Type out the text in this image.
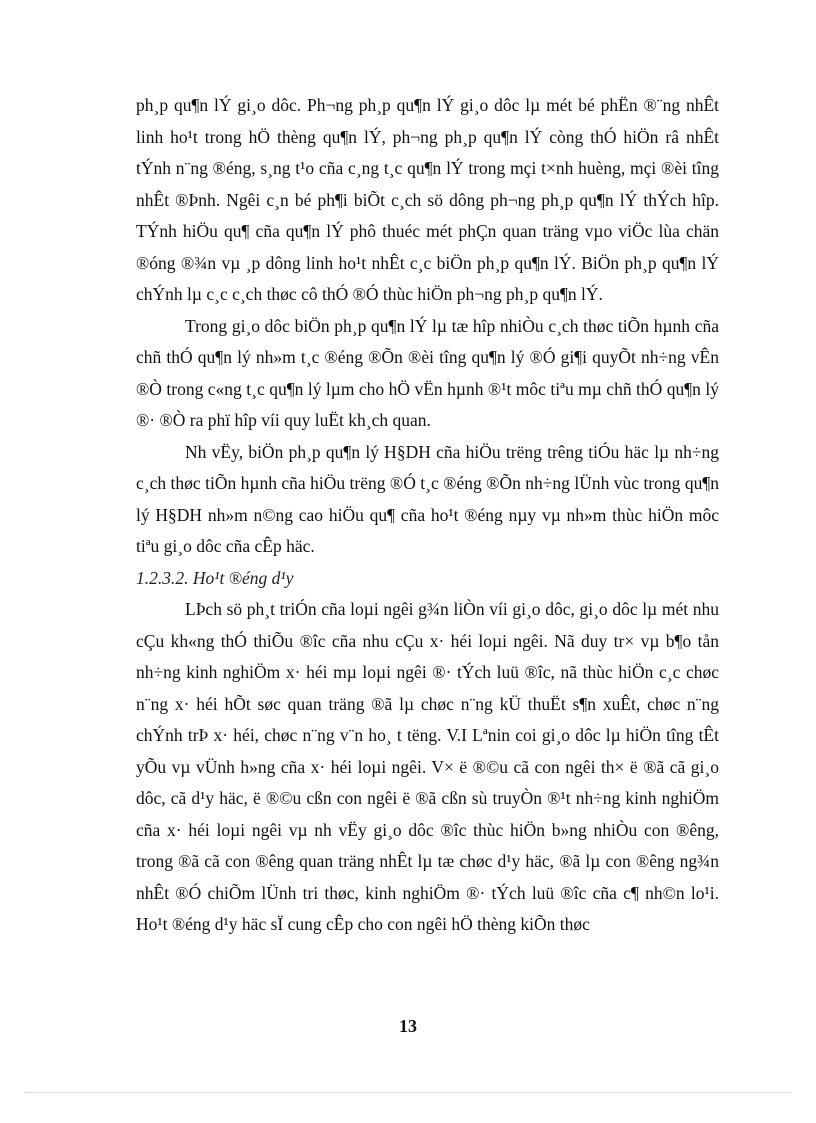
ph¸p qu¶n lÝ gi¸o dôc. Ph¬ng ph¸p qu¶n lÝ gi¸o dôc lµ mét bé phËn ®¨ng nhÊt linh ho¹t trong hÖ thèng qu¶n lÝ, ph¬ng ph¸p qu¶n lÝ còng thÓ hiÖn râ nhÊt tÝnh n¨ng ®éng, s¸ng t¹o cña c¸ng t¸c qu¶n lÝ trong mçi t×nh huèng, mçi ®èi tîng nhÊt ®Þnh. Ngêi c¸n bé ph¶i biÕt c¸ch sö dông ph¬ng ph¸p qu¶n lÝ thÝch hîp. TÝnh hiÖu qu¶ cña qu¶n lÝ phô thuéc mét phÇn quan träng vµo viÖc lùa chän ®óng ®¾n vµ ¸p dông linh ho¹t nhÊt c¸c biÖn ph¸p qu¶n lÝ. BiÖn ph¸p qu¶n lÝ chÝnh lµ c¸c c¸ch thøc cô thÓ ®Ó thùc hiÖn ph¬ng ph¸p qu¶n lÝ.

Trong gi¸o dôc biÖn ph¸p qu¶n lÝ lµ tæ hîp nhiÒu c¸ch thøc tiÕn hµnh cña chñ thÓ qu¶n lý nh»m t¸c ®éng ®Õn ®èi tîng qu¶n lý ®Ó gi¶i quyÕt nh÷ng vÊn ®Ò trong c«ng t¸c qu¶n lý lµm cho hÖ vËn hµnh ®¹t môc tiªu mµ chñ thÓ qu¶n lý ®· ®Ò ra phï hîp víi quy luËt kh¸ch quan.

Nh vËy, biÖn ph¸p qu¶n lý H§DH cña hiÖu trëng trêng tiÓu häc lµ nh÷ng c¸ch thøc tiÕn hµnh cña hiÖu trëng ®Ó t¸c ®éng ®Õn nh÷ng lÜnh vùc trong qu¶n lý H§DH nh»m n©ng cao hiÖu qu¶ cña ho¹t ®éng nµy vµ nh»m thùc hiÖn môc tiªu gi¸o dôc cña cÊp häc.

1.2.3.2. Ho¹t ®éng d¹y

LÞch sö ph¸t triÓn cña loµi ngêi g¾n liÒn víi gi¸o dôc, gi¸o dôc lµ mét nhu cÇu kh«ng thÓ thiÕu ®îc cña nhu cÇu x· héi loµi ngêi. Nã duy tr× vµ b¶o tån nh÷ng kinh nghiÖm x· héi mµ loµi ngêi ®· tÝch luü ®îc, nã thùc hiÖn c¸c chøc n¨ng x· héi hÕt søc quan träng ®ã lµ chøc n¨ng kÜ thuËt s¶n xuÊt, chøc n¨ng chÝnh trÞ x· héi, chøc n¨ng v¨n ho¸ t tëng. V.I Lªnin coi gi¸o dôc lµ hiÖn tîng tÊt yÕu vµ vÜnh h»ng cña x· héi loµi ngêi. V× ë ®©u cã con ngêi th× ë ®ã cã gi¸o dôc, cã d¹y häc, ë ®©u cßn con ngêi ë ®ã cßn sù truyÒn ®¹t nh÷ng kinh nghiÖm cña x· héi loµi ngêi vµ nh vËy gi¸o dôc ®îc thùc hiÖn b»ng nhiÒu con ®êng, trong ®ã cã con ®êng quan träng nhÊt lµ tæ chøc d¹y häc, ®ã lµ con ®êng ng¾n nhÊt ®Ó chiÕm lÜnh tri thøc, kinh nghiÖm ®· tÝch luü ®îc cña c¶ nh©n lo¹i. Ho¹t ®éng d¹y häc sÏ cung cÊp cho con ngêi hÖ thèng kiÕn thøc

13
